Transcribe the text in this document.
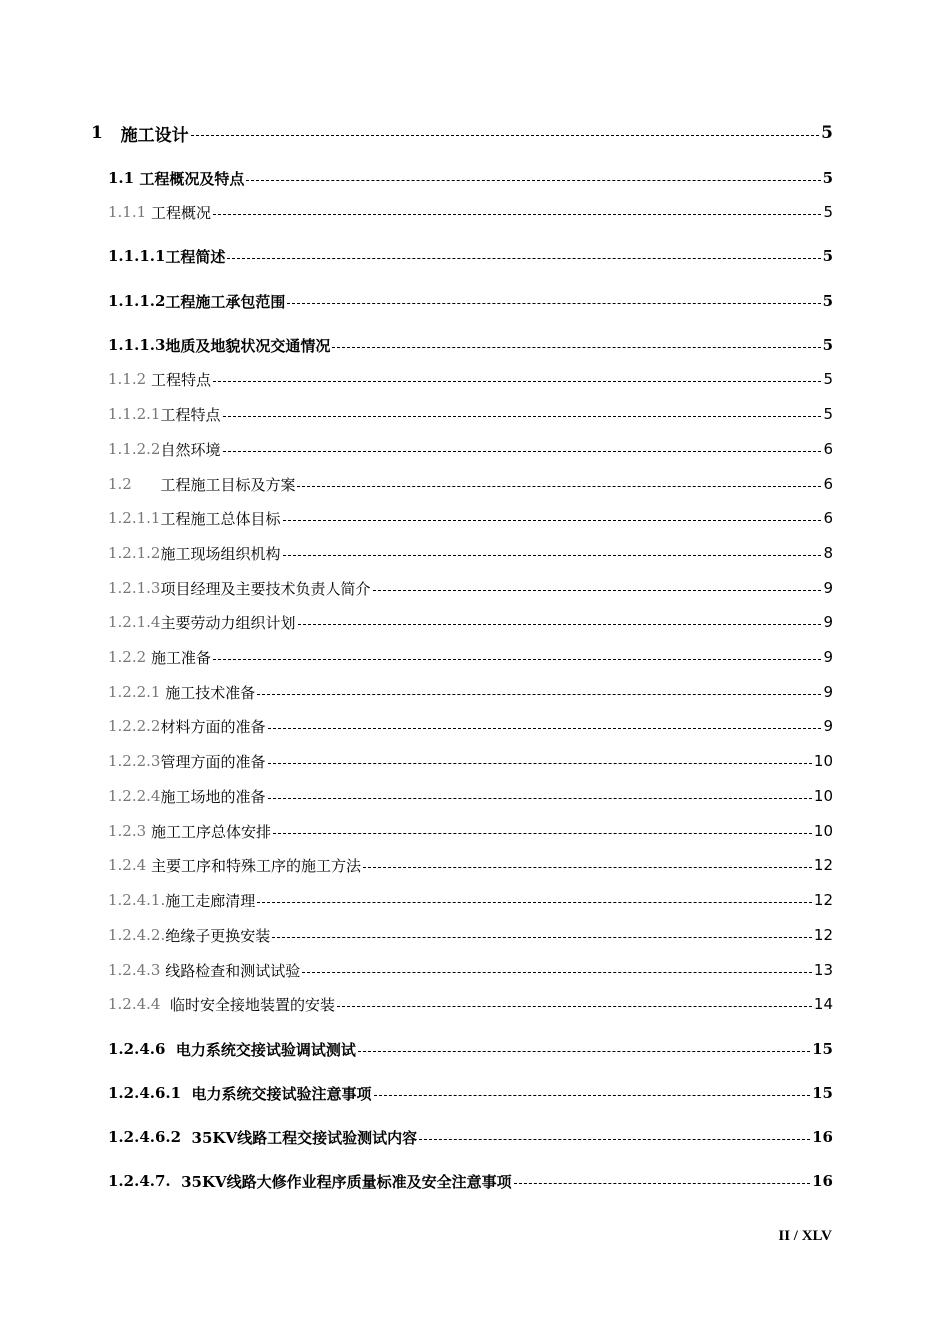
1 施工设计	5
1.1 工程概况及特点	5
1.1.1 工程概况	5
1.1.1.1 工程简述	5
1.1.1.2 工程施工承包范围	5
1.1.1.3 地质及地貌状况交通情况	5
1.1.2 工程特点	5
1.1.2.1 工程特点	5
1.1.2.2 自然环境	6
1.2 工程施工目标及方案	6
1.2.1.1 工程施工总体目标	6
1.2.1.2 施工现场组织机构	8
1.2.1.3 项目经理及主要技术负责人简介	9
1.2.1.4 主要劳动力组织计划	9
1.2.2 施工准备	9
1.2.2.1 施工技术准备	9
1.2.2.2 材料方面的准备	9
1.2.2.3 管理方面的准备	10
1.2.2.4 施工场地的准备	10
1.2.3 施工工序总体安排	10
1.2.4 主要工序和特殊工序的施工方法	12
1.2.4.1. 施工走廊清理	12
1.2.4.2. 绝缘子更换安装	12
1.2.4.3 线路检查和测试试验	13
1.2.4.4 临时安全接地装置的安装	14
1.2.4.6 电力系统交接试验调试测试	15
1.2.4.6.1 电力系统交接试验注意事项	15
1.2.4.6.2 35KV线路工程交接试验测试内容	16
1.2.4.7. 35KV线路大修作业程序质量标准及安全注意事项	16
II / XLV
